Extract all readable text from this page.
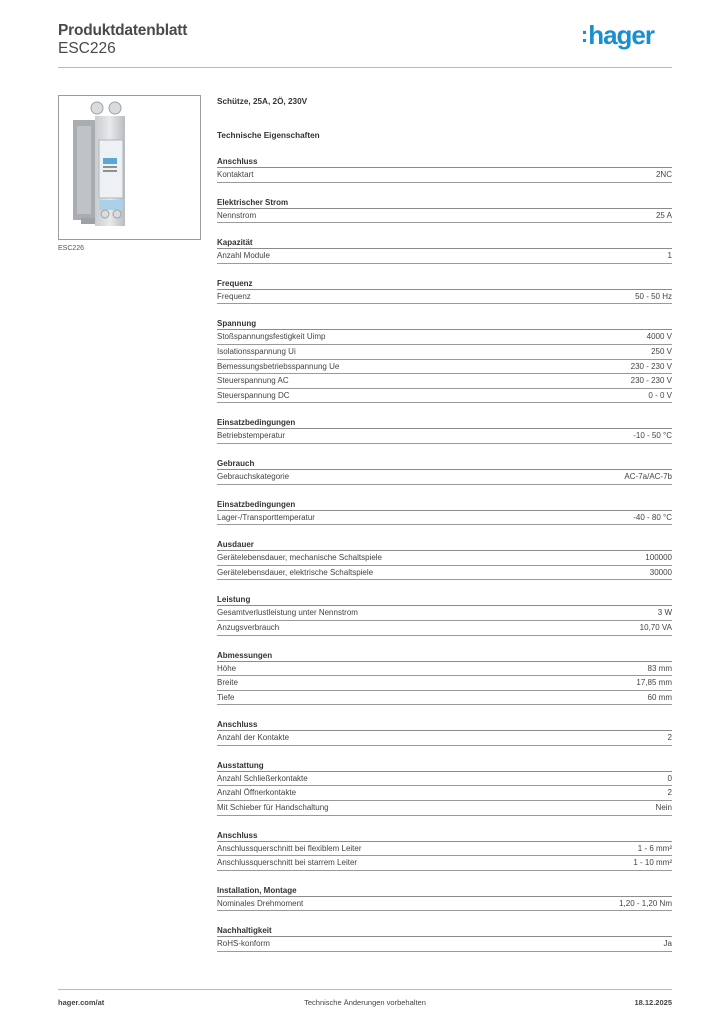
Produktdatenblatt
ESC226
:hager
ESC226
Schütze, 25A, 2Ö, 230V
Technische Eigenschaften
Anschluss
Kontaktart	2NC
Elektrischer Strom
Nennstrom	25 A
Kapazität
Anzahl Module	1
Frequenz
Frequenz	50 - 50 Hz
Spannung
Stoßspannungsfestigkeit Uimp	4000 V
Isolationsspannung Ui	250 V
Bemessungsbetriebsspannung Ue	230 - 230 V
Steuerspannung AC	230 - 230 V
Steuerspannung DC	0 - 0 V
Einsatzbedingungen
Betriebstemperatur	-10 - 50 °C
Gebrauch
Gebrauchskategorie	AC-7a/AC-7b
Einsatzbedingungen
Lager-/Transporttemperatur	-40 - 80 °C
Ausdauer
Gerätelebensdauer, mechanische Schaltspiele	100000
Gerätelebensdauer, elektrische Schaltspiele	30000
Leistung
Gesamtverlustleistung unter Nennstrom	3 W
Anzugsverbrauch	10,70 VA
Abmessungen
Höhe	83 mm
Breite	17,85 mm
Tiefe	60 mm
Anschluss
Anzahl der Kontakte	2
Ausstattung
Anzahl Schließerkontakte	0
Anzahl Öffnerkontakte	2
Mit Schieber für Handschaltung	Nein
Anschluss
Anschlussquerschnitt bei flexiblem Leiter	1 - 6 mm²
Anschlussquerschnitt bei starrem Leiter	1 - 10 mm²
Installation, Montage
Nominales Drehmoment	1,20 - 1,20 Nm
Nachhaltigkeit
RoHS-konform	Ja
hager.com/at	Technische Änderungen vorbehalten	18.12.2025
